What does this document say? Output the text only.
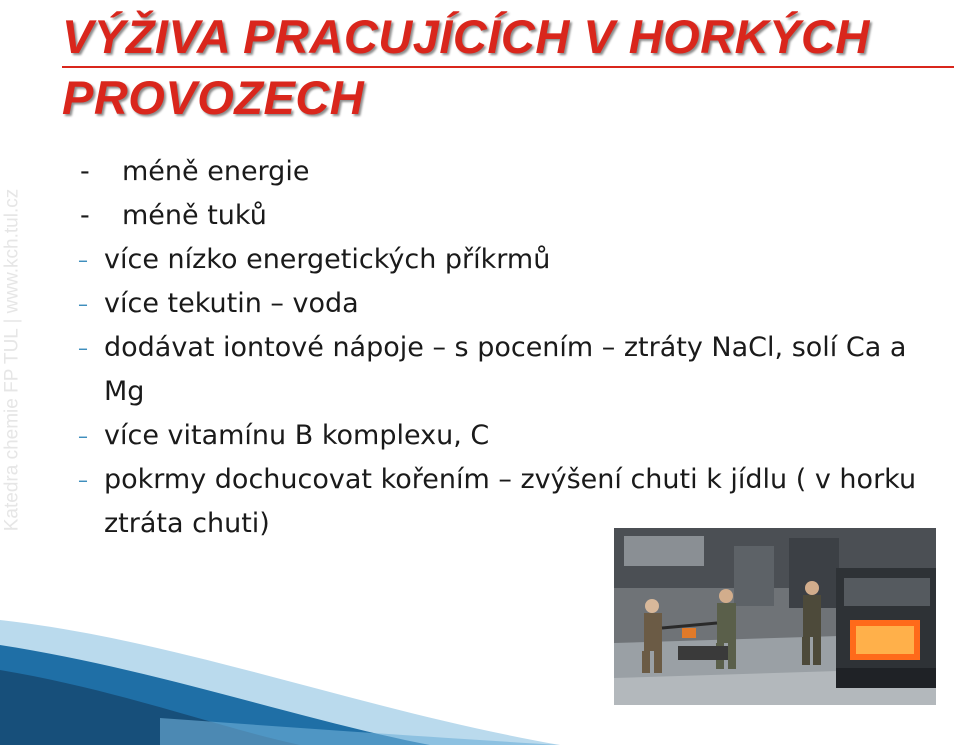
VÝŽIVA PRACUJÍCÍCH V HORKÝCH
PROVOZECH
Katedra chemie FP TUL | www.kch.tul.cz
- méně energie
- méně tuků
– více nízko energetických příkrmů
– více tekutin – voda
– dodávat iontové nápoje – s pocením – ztráty NaCl, solí Ca a Mg
– více vitamínu B komplexu, C
– pokrmy dochucovat kořením – zvýšení chuti k jídlu ( v horku ztráta chuti)
